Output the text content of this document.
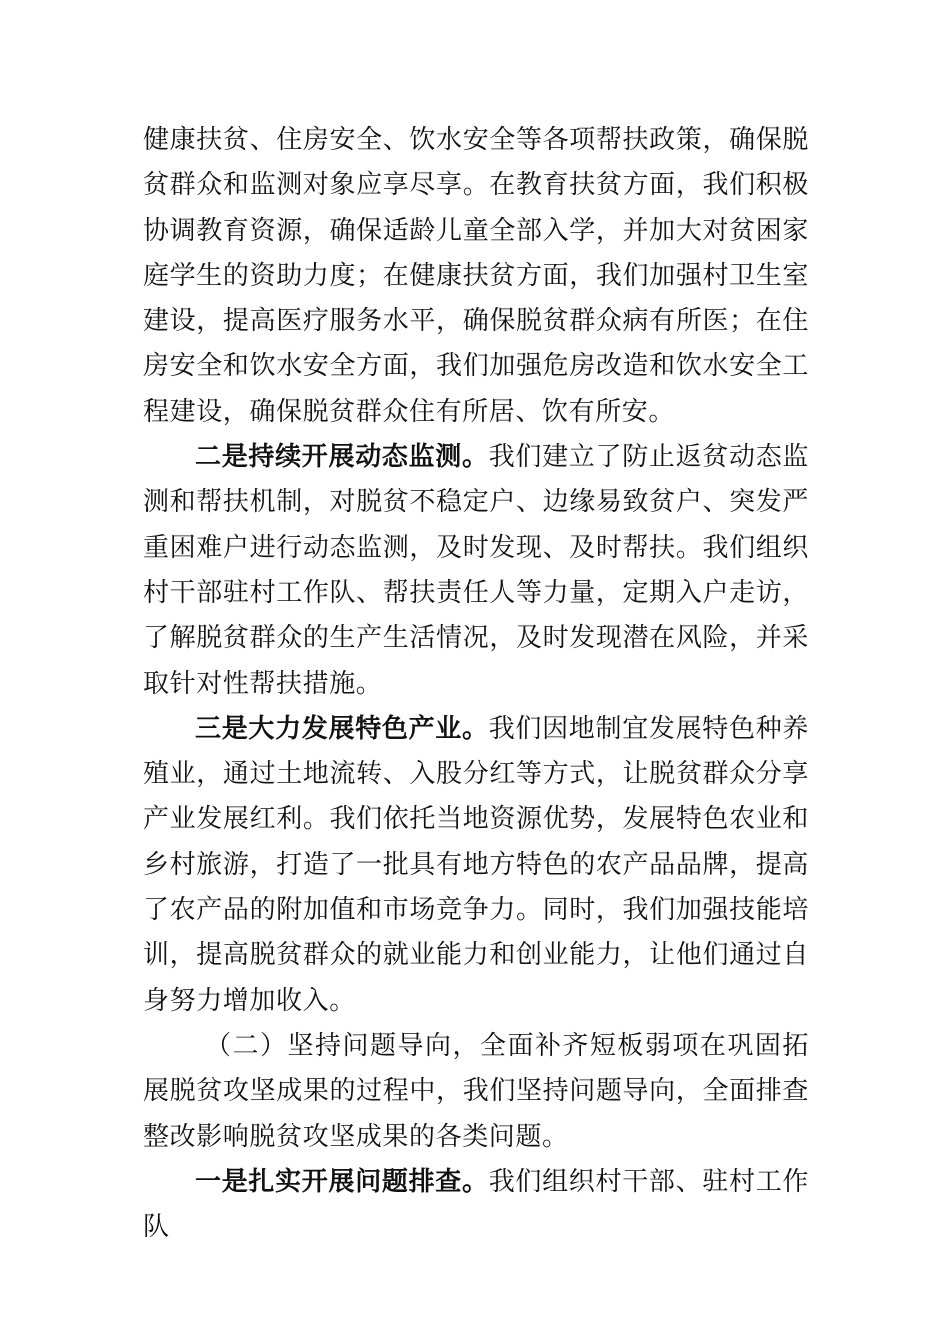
健康扶贫、住房安全、饮水安全等各项帮扶政策，确保脱贫群众和监测对象应享尽享。在教育扶贫方面，我们积极协调教育资源，确保适龄儿童全部入学，并加大对贫困家庭学生的资助力度；在健康扶贫方面，我们加强村卫生室建设，提高医疗服务水平，确保脱贫群众病有所医；在住房安全和饮水安全方面，我们加强危房改造和饮水安全工程建设，确保脱贫群众住有所居、饮有所安。

二是持续开展动态监测。我们建立了防止返贫动态监测和帮扶机制，对脱贫不稳定户、边缘易致贫户、突发严重困难户进行动态监测，及时发现、及时帮扶。我们组织村干部驻村工作队、帮扶责任人等力量，定期入户走访，了解脱贫群众的生产生活情况，及时发现潜在风险，并采取针对性帮扶措施。

三是大力发展特色产业。我们因地制宜发展特色种养殖业，通过土地流转、入股分红等方式，让脱贫群众分享产业发展红利。我们依托当地资源优势，发展特色农业和乡村旅游，打造了一批具有地方特色的农产品品牌，提高了农产品的附加值和市场竞争力。同时，我们加强技能培训，提高脱贫群众的就业能力和创业能力，让他们通过自身努力增加收入。

（二）坚持问题导向，全面补齐短板弱项在巩固拓展脱贫攻坚成果的过程中，我们坚持问题导向，全面排查整改影响脱贫攻坚成果的各类问题。

一是扎实开展问题排查。我们组织村干部、驻村工作队
